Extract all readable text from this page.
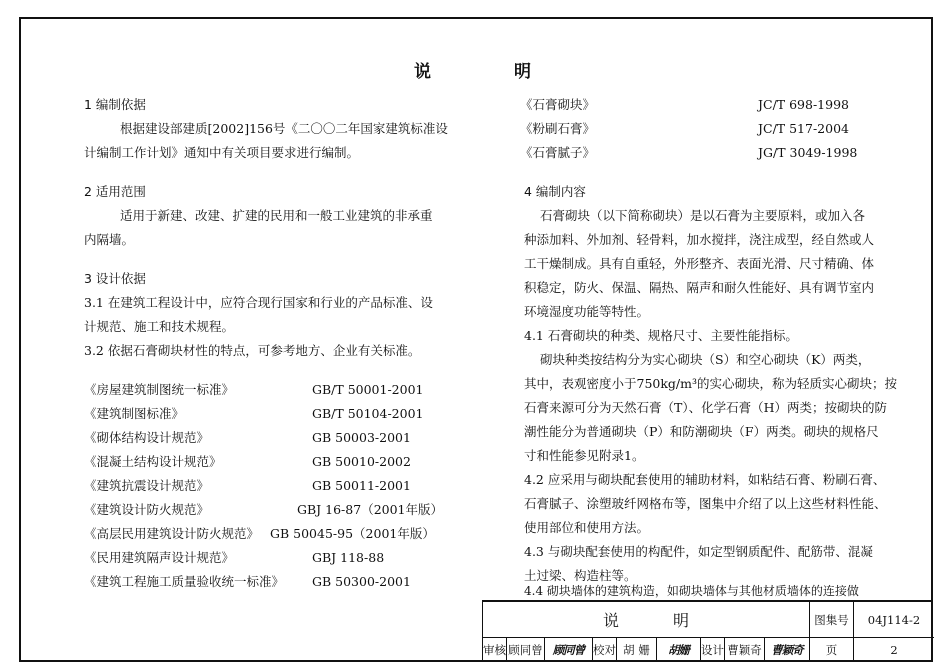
说	明
1 编制依据
根据建设部建质[2002]156号《二〇〇二年国家建筑标准设
计编制工作计划》通知中有关项目要求进行编制。
2 适用范围
适用于新建、改建、扩建的民用和一般工业建筑的非承重
内隔墙。
3 设计依据
3.1 在建筑工程设计中，应符合现行国家和行业的产品标准、设
计规范、施工和技术规程。
3.2 依据石膏砌块材性的特点，可参考地方、企业有关标准。
《房屋建筑制图统一标准》	GB/T 50001-2001
《建筑制图标准》	GB/T 50104-2001
《砌体结构设计规范》	GB 50003-2001
《混凝土结构设计规范》	GB 50010-2002
《建筑抗震设计规范》	GB 50011-2001
《建筑设计防火规范》	GBJ 16-87（2001年版）
《高层民用建筑设计防火规范》 GB 50045-95（2001年版）
《民用建筑隔声设计规范》	GBJ 118-88
《建筑工程施工质量验收统一标准》 GB 50300-2001
《石膏砌块》	JC/T 698-1998
《粉刷石膏》	JC/T 517-2004
《石膏腻子》	JG/T 3049-1998
4 编制内容
石膏砌块（以下简称砌块）是以石膏为主要原料，或加入各
种添加料、外加剂、轻骨料，加水搅拌，浇注成型，经自然或人
工干燥制成。具有自重轻，外形整齐、表面光滑、尺寸精确、体
积稳定，防火、保温、隔热、隔声和耐久性能好、具有调节室内
环境湿度功能等特性。
4.1 石膏砌块的种类、规格尺寸、主要性能指标。
砌块种类按结构分为实心砌块（S）和空心砌块（K）两类，
其中，表观密度小于750kg/m³的实心砌块，称为轻质实心砌块；按
石膏来源可分为天然石膏（T）、化学石膏（H）两类；按砌块的防
潮性能分为普通砌块（P）和防潮砌块（F）两类。砌块的规格尺
寸和性能参见附录1。
4.2 应采用与砌块配套使用的辅助材料，如粘结石膏、粉刷石膏、
石膏腻子、涂塑玻纤网格布等，图集中介绍了以上这些材料性能、
使用部位和使用方法。
4.3 与砌块配套使用的构配件，如定型钢质配件、配筋带、混凝
土过梁、构造柱等。
4.4 砌块墙体的建筑构造，如砌块墙体与其他材质墙体的连接做
说	明	图集号	04J114-2
审核 顾同曾 顾同曾 校对 胡 姗	胡姗	设计 曹颖奇 曹颖奇	页	2
